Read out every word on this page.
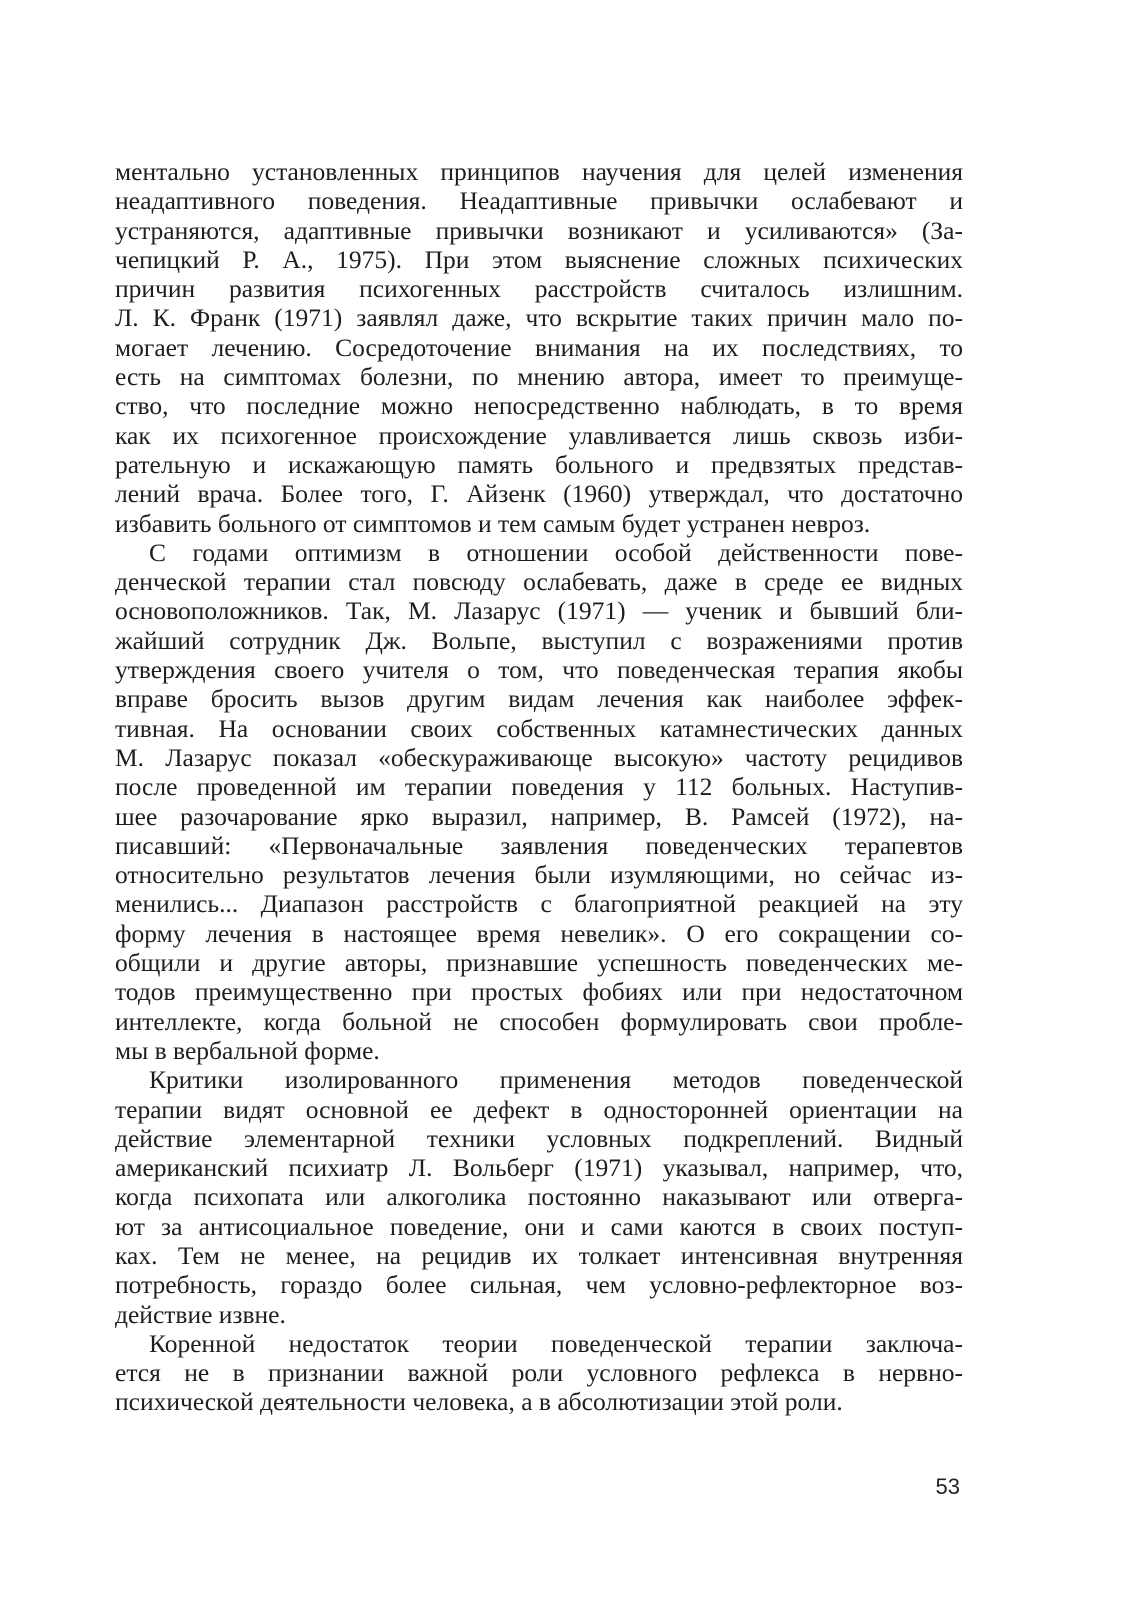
ментально установленных принципов научения для целей изменения
неадаптивного поведения. Неадаптивные привычки ослабевают и
устраняются, адаптивные привычки возникают и усиливаются» (За-
чепицкий Р. А., 1975). При этом выяснение сложных психических
причин развития психогенных расстройств считалось излишним.
Л. К. Франк (1971) заявлял даже, что вскрытие таких причин мало по-
могает лечению. Сосредоточение внимания на их последствиях, то
есть на симптомах болезни, по мнению автора, имеет то преимуще-
ство, что последние можно непосредственно наблюдать, в то время
как их психогенное происхождение улавливается лишь сквозь изби-
рательную и искажающую память больного и предвзятых представ-
лений врача. Более того, Г. Айзенк (1960) утверждал, что достаточно
избавить больного от симптомов и тем самым будет устранен невроз.

С годами оптимизм в отношении особой действенности пове-
денческой терапии стал повсюду ослабевать, даже в среде ее видных
основоположников. Так, М. Лазарус (1971) — ученик и бывший бли-
жайший сотрудник Дж. Вольпе, выступил с возражениями против
утверждения своего учителя о том, что поведенческая терапия якобы
вправе бросить вызов другим видам лечения как наиболее эффек-
тивная. На основании своих собственных катамнестических данных
М. Лазарус показал «обескураживающе высокую» частоту рецидивов
после проведенной им терапии поведения у 112 больных. Наступив-
шее разочарование ярко выразил, например, В. Рамсей (1972), на-
писавший: «Первоначальные заявления поведенческих терапевтов
относительно результатов лечения были изумляющими, но сейчас из-
менились... Диапазон расстройств с благоприятной реакцией на эту
форму лечения в настоящее время невелик». О его сокращении со-
общили и другие авторы, признавшие успешность поведенческих ме-
тодов преимущественно при простых фобиях или при недостаточном
интеллекте, когда больной не способен формулировать свои пробле-
мы в вербальной форме.

Критики изолированного применения методов поведенческой
терапии видят основной ее дефект в односторонней ориентации на
действие элементарной техники условных подкреплений. Видный
американский психиатр Л. Вольберг (1971) указывал, например, что,
когда психопата или алкоголика постоянно наказывают или отверга-
ют за антисоциальное поведение, они и сами каются в своих поступ-
ках. Тем не менее, на рецидив их толкает интенсивная внутренняя
потребность, гораздо более сильная, чем условно-рефлекторное воз-
действие извне.

Коренной недостаток теории поведенческой терапии заключа-
ется не в признании важной роли условного рефлекса в нервно-
психической деятельности человека, а в абсолютизации этой роли.

53
